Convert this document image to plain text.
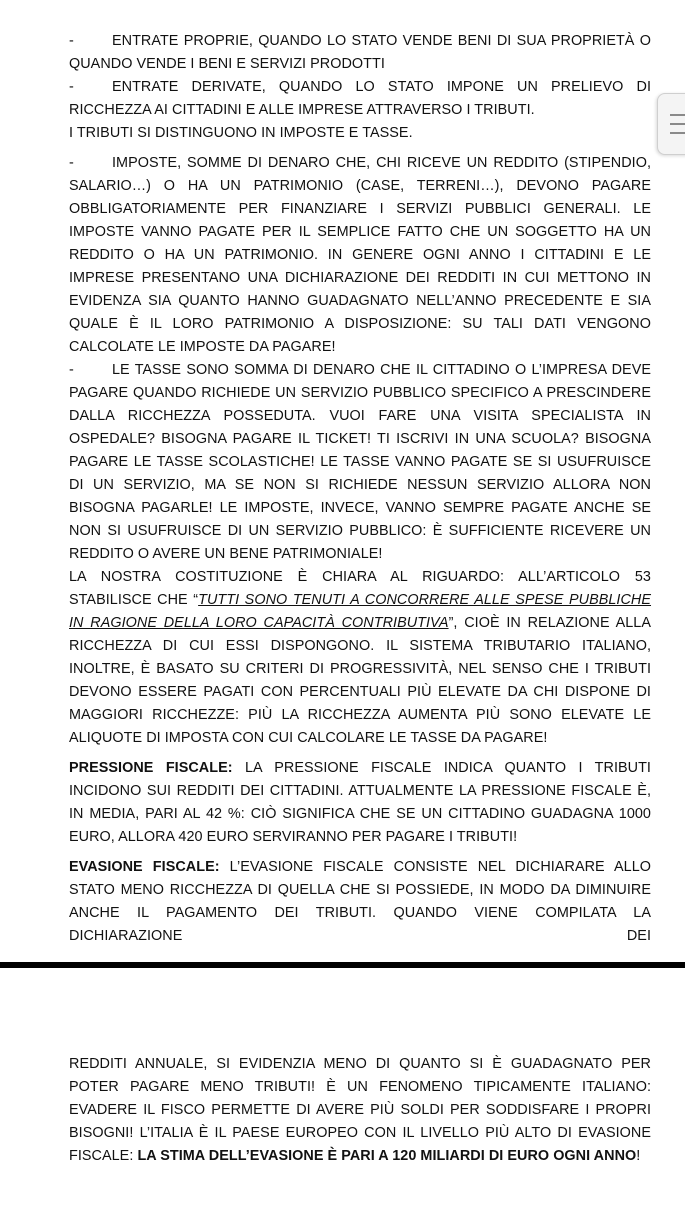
-	ENTRATE PROPRIE, QUANDO LO STATO VENDE BENI DI SUA PROPRIETÀ O QUANDO VENDE I BENI E SERVIZI PRODOTTI

-	ENTRATE DERIVATE, QUANDO LO STATO IMPONE UN PRELIEVO DI RICCHEZZA AI CITTADINI E ALLE IMPRESE ATTRAVERSO I TRIBUTI.

I TRIBUTI SI DISTINGUONO IN IMPOSTE E TASSE.

-	IMPOSTE, SOMME DI DENARO CHE, CHI RICEVE UN REDDITO (STIPENDIO, SALARIO…) O HA UN PATRIMONIO (CASE, TERRENI…), DEVONO PAGARE OBBLIGATORIAMENTE PER FINANZIARE I SERVIZI PUBBLICI GENERALI. LE IMPOSTE VANNO PAGATE PER IL SEMPLICE FATTO CHE UN SOGGETTO HA UN REDDITO O HA UN PATRIMONIO. IN GENERE OGNI ANNO I CITTADINI E LE IMPRESE PRESENTANO UNA DICHIARAZIONE DEI REDDITI IN CUI METTONO IN EVIDENZA SIA QUANTO HANNO GUADAGNATO NELL’ANNO PRECEDENTE E SIA QUALE È IL LORO PATRIMONIO A DISPOSIZIONE: SU TALI DATI VENGONO CALCOLATE LE IMPOSTE DA PAGARE!

-	LE TASSE SONO SOMMA DI DENARO CHE IL CITTADINO O L’IMPRESA DEVE PAGARE QUANDO RICHIEDE UN SERVIZIO PUBBLICO SPECIFICO A PRESCINDERE DALLA RICCHEZZA POSSEDUTA. VUOI FARE UNA VISITA SPECIALISTA IN OSPEDALE? BISOGNA PAGARE IL TICKET! TI ISCRIVI IN UNA SCUOLA? BISOGNA PAGARE LE TASSE SCOLASTICHE! LE TASSE VANNO PAGATE SE SI USUFRUISCE DI UN SERVIZIO, MA SE NON SI RICHIEDE NESSUN SERVIZIO ALLORA NON BISOGNA PAGARLE! LE IMPOSTE, INVECE, VANNO SEMPRE PAGATE ANCHE SE NON SI USUFRUISCE DI UN SERVIZIO PUBBLICO: È SUFFICIENTE RICEVERE UN REDDITO O AVERE UN BENE PATRIMONIALE!

LA NOSTRA COSTITUZIONE È CHIARA AL RIGUARDO: ALL’ARTICOLO 53 STABILISCE CHE “TUTTI SONO TENUTI A CONCORRERE ALLE SPESE PUBBLICHE IN RAGIONE DELLA LORO CAPACITÀ CONTRIBUTIVA”, CIOÈ IN RELAZIONE ALLA RICCHEZZA DI CUI ESSI DISPONGONO. IL SISTEMA TRIBUTARIO ITALIANO, INOLTRE, È BASATO SU CRITERI DI PROGRESSIVITÀ, NEL SENSO CHE I TRIBUTI DEVONO ESSERE PAGATI CON PERCENTUALI PIÙ ELEVATE DA CHI DISPONE DI MAGGIORI RICCHEZZE: PIÙ LA RICCHEZZA AUMENTA PIÙ SONO ELEVATE LE ALIQUOTE DI IMPOSTA CON CUI CALCOLARE LE TASSE DA PAGARE!

PRESSIONE FISCALE: LA PRESSIONE FISCALE INDICA QUANTO I TRIBUTI INCIDONO SUI REDDITI DEI CITTADINI. ATTUALMENTE LA PRESSIONE FISCALE È, IN MEDIA, PARI AL 42 %: CIÒ SIGNIFICA CHE SE UN CITTADINO GUADAGNA 1000 EURO, ALLORA 420 EURO SERVIRANNO PER PAGARE I TRIBUTI!

EVASIONE FISCALE: L’EVASIONE FISCALE CONSISTE NEL DICHIARARE ALLO STATO MENO RICCHEZZA DI QUELLA CHE SI POSSIEDE, IN MODO DA DIMINUIRE ANCHE IL PAGAMENTO DEI TRIBUTI. QUANDO VIENE COMPILATA LA DICHIARAZIONE DEI

REDDITI ANNUALE, SI EVIDENZIA MENO DI QUANTO SI È GUADAGNATO PER POTER PAGARE MENO TRIBUTI! È UN FENOMENO TIPICAMENTE ITALIANO: EVADERE IL FISCO PERMETTE DI AVERE PIÙ SOLDI PER SODDISFARE I PROPRI BISOGNI! L’ITALIA È IL PAESE EUROPEO CON IL LIVELLO PIÙ ALTO DI EVASIONE FISCALE: LA STIMA DELL’EVASIONE È PARI A 120 MILIARDI DI EURO OGNI ANNO!
